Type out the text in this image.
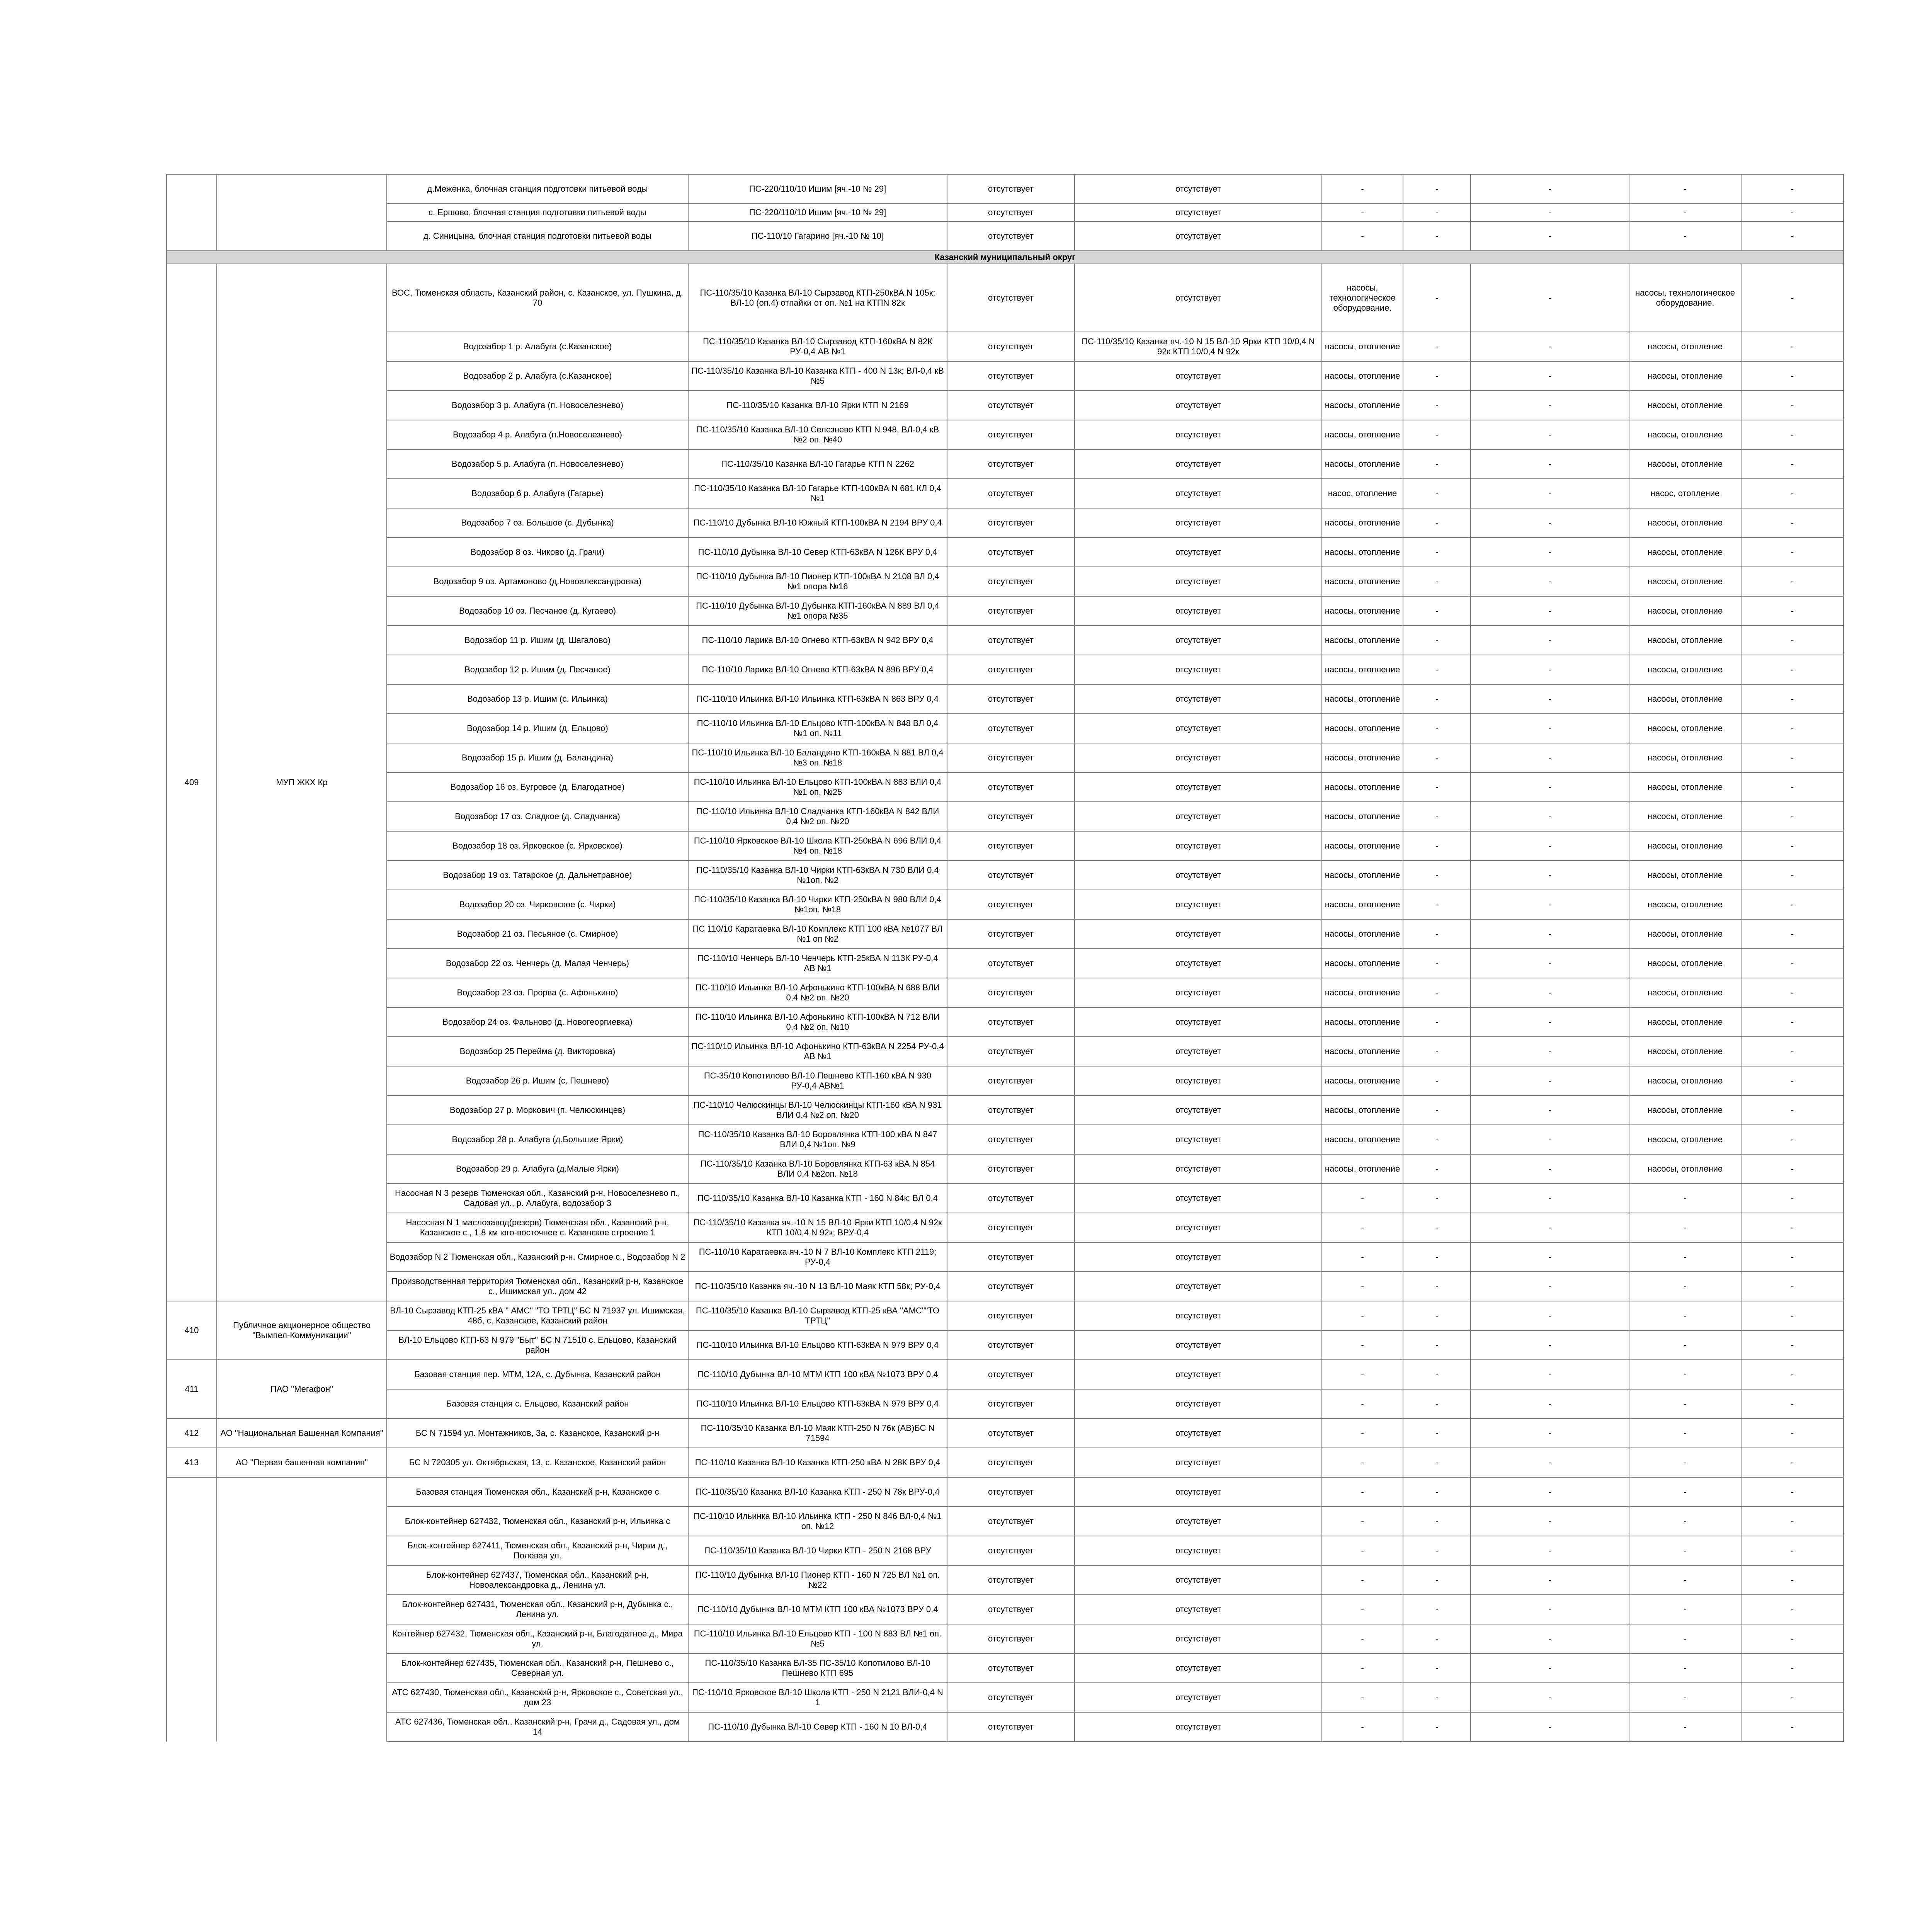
		д.Меженка, блочная станция подготовки питьевой воды	ПС-220/110/10 Ишим [яч.-10 № 29]	отсутствует	отсутствует	-	-	-	-	-
		с. Ершово, блочная станция подготовки питьевой воды	ПС-220/110/10 Ишим [яч.-10 № 29]	отсутствует	отсутствует	-	-	-	-	-
		д. Синицына, блочная станция подготовки питьевой воды	ПС-110/10 Гагарино [яч.-10 № 10]	отсутствует	отсутствует	-	-	-	-	-
Казанский муниципальный округ										
409	МУП ЖКХ Кр	ВОС, Тюменская область, Казанский район, с. Казанское, ул. Пушкина, д. 70	ПС-110/35/10 Казанка ВЛ-10 Сырзавод КТП-250кВА N 105к; ВЛ-10 (оп.4) отпайки от оп. №1 на КТПN 82к	отсутствует	отсутствует	насосы, технологическое оборудование.	-	-	насосы, технологическое оборудование.	-
		Водозабор 1 р. Алабуга (с.Казанское)	ПС-110/35/10 Казанка ВЛ-10 Сырзавод КТП-160кВА N 82К РУ-0,4 АВ №1	отсутствует	ПС-110/35/10 Казанка яч.-10 N 15 ВЛ-10 Ярки КТП 10/0,4 N 92к КТП 10/0,4 N 92к	насосы, отопление	-	-	насосы, отопление	-
		Водозабор 2 р. Алабуга (с.Казанское)	ПС-110/35/10 Казанка ВЛ-10 Казанка КТП - 400 N 13к; ВЛ-0,4 кВ №5	отсутствует	отсутствует	насосы, отопление	-	-	насосы, отопление	-
		Водозабор 3 р. Алабуга (п. Новоселезнево)	ПС-110/35/10 Казанка ВЛ-10 Ярки КТП N 2169	отсутствует	отсутствует	насосы, отопление	-	-	насосы, отопление	-
		Водозабор 4 р. Алабуга (п.Новоселезнево)	ПС-110/35/10 Казанка ВЛ-10 Селезнево КТП N 948, ВЛ-0,4 кВ №2 оп. №40	отсутствует	отсутствует	насосы, отопление	-	-	насосы, отопление	-
		Водозабор 5 р. Алабуга (п. Новоселезнево)	ПС-110/35/10 Казанка ВЛ-10 Гагарье КТП N 2262	отсутствует	отсутствует	насосы, отопление	-	-	насосы, отопление	-
		Водозабор 6 р. Алабуга (Гагарье)	ПС-110/35/10 Казанка ВЛ-10 Гагарье КТП-100кВА N 681 КЛ 0,4 №1	отсутствует	отсутствует	насос, отопление	-	-	насос, отопление	-
		Водозабор 7 оз. Большое (с. Дубынка)	ПС-110/10 Дубынка ВЛ-10 Южный КТП-100кВА N 2194 ВРУ 0,4	отсутствует	отсутствует	насосы, отопление	-	-	насосы, отопление	-
		Водозабор 8 оз. Чиково (д. Грачи)	ПС-110/10 Дубынка ВЛ-10 Север КТП-63кВА N 126К ВРУ 0,4	отсутствует	отсутствует	насосы, отопление	-	-	насосы, отопление	-
		Водозабор 9 оз. Артамоново (д.Новоалександровка)	ПС-110/10 Дубынка ВЛ-10 Пионер КТП-100кВА N 2108 ВЛ 0,4 №1 опора №16	отсутствует	отсутствует	насосы, отопление	-	-	насосы, отопление	-
		Водозабор 10 оз. Песчаное (д. Кугаево)	ПС-110/10 Дубынка ВЛ-10 Дубынка КТП-160кВА N 889 ВЛ 0,4 №1 опора №35	отсутствует	отсутствует	насосы, отопление	-	-	насосы, отопление	-
		Водозабор 11 р. Ишим (д. Шагалово)	ПС-110/10 Ларика ВЛ-10 Огнево КТП-63кВА N 942 ВРУ 0,4	отсутствует	отсутствует	насосы, отопление	-	-	насосы, отопление	-
		Водозабор 12 р. Ишим (д. Песчаное)	ПС-110/10 Ларика ВЛ-10 Огнево КТП-63кВА N 896 ВРУ 0,4	отсутствует	отсутствует	насосы, отопление	-	-	насосы, отопление	-
		Водозабор 13 р. Ишим (с. Ильинка)	ПС-110/10 Ильинка ВЛ-10 Ильинка КТП-63кВА N 863 ВРУ 0,4	отсутствует	отсутствует	насосы, отопление	-	-	насосы, отопление	-
		Водозабор 14 р. Ишим (д. Ельцово)	ПС-110/10 Ильинка ВЛ-10 Ельцово КТП-100кВА N 848 ВЛ 0,4 №1 оп. №11	отсутствует	отсутствует	насосы, отопление	-	-	насосы, отопление	-
		Водозабор 15 р. Ишим (д. Баландина)	ПС-110/10 Ильинка ВЛ-10 Баландино КТП-160кВА N 881 ВЛ 0,4 №3 оп. №18	отсутствует	отсутствует	насосы, отопление	-	-	насосы, отопление	-
		Водозабор 16 оз. Бугровое (д. Благодатное)	ПС-110/10 Ильинка ВЛ-10 Ельцово КТП-100кВА N 883 ВЛИ 0,4 №1 оп. №25	отсутствует	отсутствует	насосы, отопление	-	-	насосы, отопление	-
		Водозабор 17 оз. Сладкое (д. Сладчанка)	ПС-110/10 Ильинка ВЛ-10 Сладчанка КТП-160кВА N 842 ВЛИ 0,4 №2 оп. №20	отсутствует	отсутствует	насосы, отопление	-	-	насосы, отопление	-
		Водозабор 18 оз. Ярковское (с. Ярковское)	ПС-110/10 Ярковское ВЛ-10 Школа КТП-250кВА N 696 ВЛИ 0,4 №4 оп. №18	отсутствует	отсутствует	насосы, отопление	-	-	насосы, отопление	-
		Водозабор 19 оз. Татарское (д. Дальнетравное)	ПС-110/35/10 Казанка ВЛ-10 Чирки КТП-63кВА N 730 ВЛИ 0,4 №1оп. №2	отсутствует	отсутствует	насосы, отопление	-	-	насосы, отопление	-
		Водозабор 20 оз. Чирковское (с. Чирки)	ПС-110/35/10 Казанка ВЛ-10 Чирки КТП-250кВА N 980 ВЛИ 0,4 №1оп. №18	отсутствует	отсутствует	насосы, отопление	-	-	насосы, отопление	-
		Водозабор 21 оз. Песьяное (с. Смирное)	ПС 110/10 Каратаевка ВЛ-10 Комплекс КТП 100 кВА №1077 ВЛ №1 оп №2	отсутствует	отсутствует	насосы, отопление	-	-	насосы, отопление	-
		Водозабор 22 оз. Ченчерь (д. Малая Ченчерь)	ПС-110/10 Ченчерь ВЛ-10 Ченчерь КТП-25кВА N 113К РУ-0,4 АВ №1	отсутствует	отсутствует	насосы, отопление	-	-	насосы, отопление	-
		Водозабор 23 оз. Прорва (с. Афонькино)	ПС-110/10 Ильинка ВЛ-10 Афонькино КТП-100кВА N 688 ВЛИ 0,4 №2 оп. №20	отсутствует	отсутствует	насосы, отопление	-	-	насосы, отопление	-
		Водозабор 24 оз. Фальново (д. Новогеоргиевка)	ПС-110/10 Ильинка ВЛ-10 Афонькино КТП-100кВА N 712 ВЛИ 0,4 №2 оп. №10	отсутствует	отсутствует	насосы, отопление	-	-	насосы, отопление	-
		Водозабор 25 Перейма (д. Викторовка)	ПС-110/10 Ильинка ВЛ-10 Афонькино КТП-63кВА N 2254 РУ-0,4 АВ №1	отсутствует	отсутствует	насосы, отопление	-	-	насосы, отопление	-
		Водозабор 26 р. Ишим (с. Пешнево)	ПС-35/10 Копотилово ВЛ-10 Пешнево КТП-160 кВА N 930 РУ-0,4 АВ№1	отсутствует	отсутствует	насосы, отопление	-	-	насосы, отопление	-
		Водозабор 27 р. Моркович (п. Челюскинцев)	ПС-110/10 Челюскинцы ВЛ-10 Челюскинцы КТП-160 кВА N 931 ВЛИ 0,4 №2 оп. №20	отсутствует	отсутствует	насосы, отопление	-	-	насосы, отопление	-
		Водозабор 28 р. Алабуга (д.Большие Ярки)	ПС-110/35/10 Казанка ВЛ-10 Боровлянка КТП-100 кВА N 847 ВЛИ 0,4 №1оп. №9	отсутствует	отсутствует	насосы, отопление	-	-	насосы, отопление	-
		Водозабор 29 р. Алабуга (д.Малые Ярки)	ПС-110/35/10 Казанка ВЛ-10 Боровлянка КТП-63 кВА N 854 ВЛИ 0,4 №2оп. №18	отсутствует	отсутствует	насосы, отопление	-	-	насосы, отопление	-
		Насосная N 3 резерв Тюменская обл., Казанский р-н, Новоселезнево п., Садовая ул., р. Алабуга, водозабор 3	ПС-110/35/10 Казанка ВЛ-10 Казанка КТП - 160 N 84к; ВЛ 0,4	отсутствует	отсутствует	-	-	-	-	-
		Насосная N 1 маслозавод(резерв) Тюменская обл., Казанский р-н, Казанское с., 1,8 км юго-восточнее с. Казанское строение 1	ПС-110/35/10 Казанка яч.-10 N 15 ВЛ-10 Ярки КТП 10/0,4 N 92к КТП 10/0,4 N 92к; ВРУ-0,4	отсутствует	отсутствует	-	-	-	-	-
		Водозабор N 2 Тюменская обл., Казанский р-н, Смирное с., Водозабор N 2	ПС-110/10 Каратаевка яч.-10 N 7 ВЛ-10 Комплекс КТП 2119; РУ-0,4	отсутствует	отсутствует	-	-	-	-	-
		Производственная территория Тюменская обл., Казанский р-н, Казанское с., Ишимская ул., дом 42	ПС-110/35/10 Казанка яч.-10 N 13 ВЛ-10 Маяк КТП 58к; РУ-0,4	отсутствует	отсутствует	-	-	-	-	-
410	Публичное акционерное общество "Вымпел-Коммуникации"	ВЛ-10 Сырзавод КТП-25 кВА " АМС" "ТО ТРТЦ" БС N 71937 ул. Ишимская, 48б, с. Казанское, Казанский район	ПС-110/35/10 Казанка ВЛ-10 Сырзавод КТП-25 кВА "АМС""ТО ТРТЦ"	отсутствует	отсутствует	-	-	-	-	-
		ВЛ-10 Ельцово КТП-63 N 979 "Быт" БС N 71510 с. Ельцово, Казанский район	ПС-110/10 Ильинка ВЛ-10 Ельцово КТП-63кВА N 979 ВРУ 0,4	отсутствует	отсутствует	-	-	-	-	-
411	ПАО "Мегафон"	Базовая станция пер. МТМ, 12А, с. Дубынка, Казанский район	ПС-110/10 Дубынка ВЛ-10 МТМ КТП 100 кВА №1073 ВРУ 0,4	отсутствует	отсутствует	-	-	-	-	-
		Базовая станция с. Ельцово, Казанский район	ПС-110/10 Ильинка ВЛ-10 Ельцово КТП-63кВА N 979 ВРУ 0,4	отсутствует	отсутствует	-	-	-	-	-
412	АО "Национальная Башенная Компания"	БС N 71594 ул. Монтажников, 3а, с. Казанское, Казанский р-н	ПС-110/35/10 Казанка ВЛ-10 Маяк КТП-250 N 76к (АВ)БС N 71594	отсутствует	отсутствует	-	-	-	-	-
413	АО "Первая башенная компания"	БС N 720305 ул. Октябрьская, 13, с. Казанское, Казанский район	ПС-110/10 Казанка ВЛ-10 Казанка КТП-250 кВА N 28К ВРУ 0,4	отсутствует	отсутствует	-	-	-	-	-
		Базовая станция Тюменская обл., Казанский р-н, Казанское с	ПС-110/35/10 Казанка ВЛ-10 Казанка КТП - 250 N 78к ВРУ-0,4	отсутствует	отсутствует	-	-	-	-	-
		Блок-контейнер 627432, Тюменская обл., Казанский р-н, Ильинка с	ПС-110/10 Ильинка ВЛ-10 Ильинка КТП - 250 N 846 ВЛ-0,4 №1 оп. №12	отсутствует	отсутствует	-	-	-	-	-
		Блок-контейнер 627411, Тюменская обл., Казанский р-н, Чирки д., Полевая ул.	ПС-110/35/10 Казанка ВЛ-10 Чирки КТП - 250 N 2168 ВРУ	отсутствует	отсутствует	-	-	-	-	-
		Блок-контейнер 627437, Тюменская обл., Казанский р-н, Новоалександровка д., Ленина ул.	ПС-110/10 Дубынка ВЛ-10 Пионер КТП - 160 N 725 ВЛ №1 оп. №22	отсутствует	отсутствует	-	-	-	-	-
		Блок-контейнер 627431, Тюменская обл., Казанский р-н, Дубынка с., Ленина ул.	ПС-110/10 Дубынка ВЛ-10 МТМ КТП 100 кВА №1073 ВРУ 0,4	отсутствует	отсутствует	-	-	-	-	-
		Контейнер 627432, Тюменская обл., Казанский р-н, Благодатное д., Мира ул.	ПС-110/10 Ильинка ВЛ-10 Ельцово КТП - 100 N 883 ВЛ №1 оп. №5	отсутствует	отсутствует	-	-	-	-	-
		Блок-контейнер 627435, Тюменская обл., Казанский р-н, Пешнево с., Северная ул.	ПС-110/35/10 Казанка ВЛ-35 ПС-35/10 Копотилово ВЛ-10 Пешнево КТП 695	отсутствует	отсутствует	-	-	-	-	-
		АТС 627430, Тюменская обл., Казанский р-н, Ярковское с., Советская ул., дом 23	ПС-110/10 Ярковское ВЛ-10 Школа КТП - 250 N 2121 ВЛИ-0,4 N 1	отсутствует	отсутствует	-	-	-	-	-
		АТС 627436, Тюменская обл., Казанский р-н, Грачи д., Садовая ул., дом 14	ПС-110/10 Дубынка ВЛ-10 Север КТП - 160 N 10 ВЛ-0,4	отсутствует	отсутствует	-	-	-	-	-
